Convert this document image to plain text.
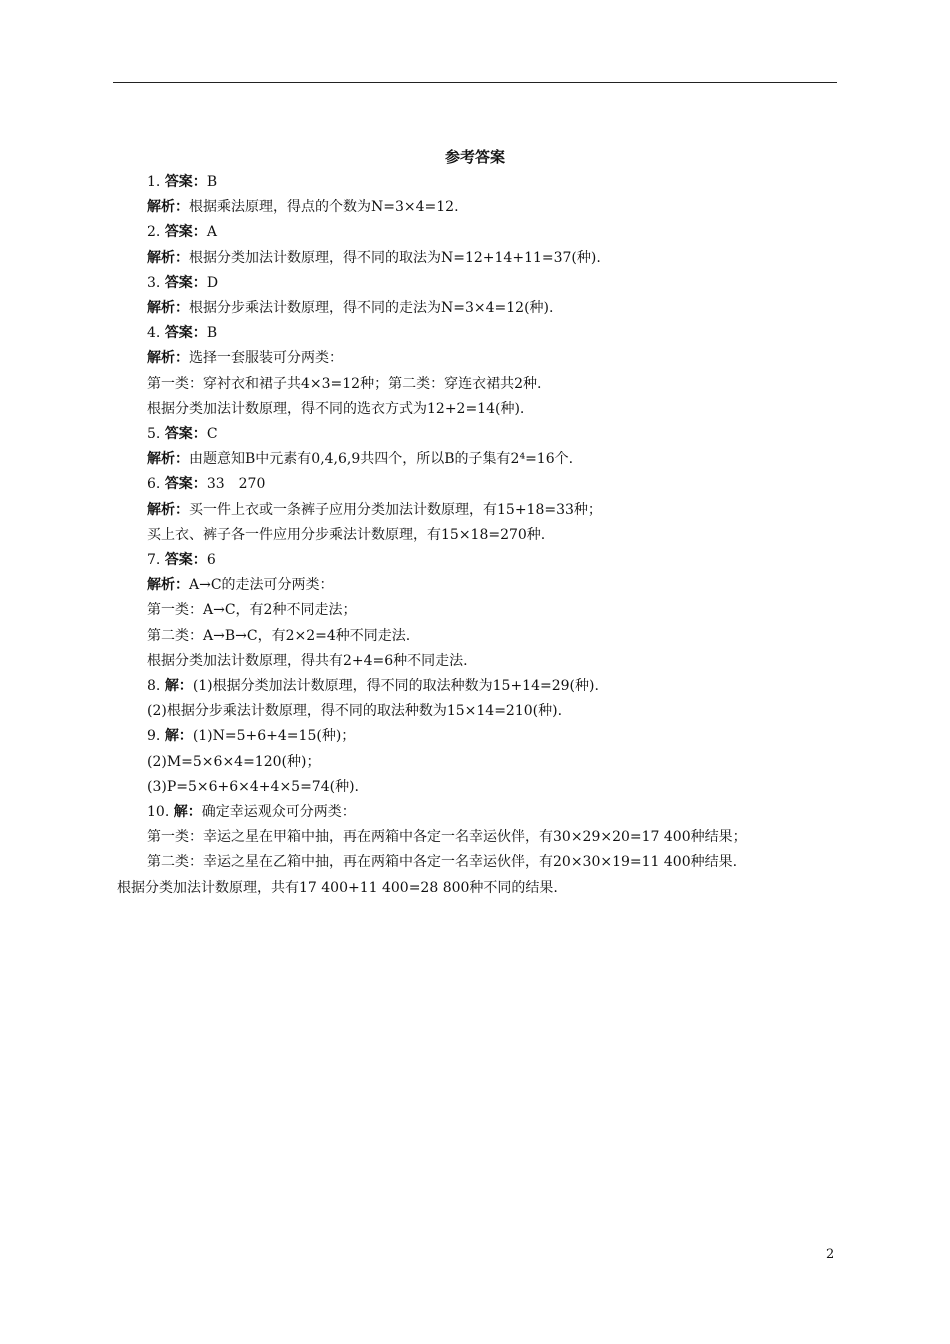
参考答案
1. 答案：B
解析：根据乘法原理，得点的个数为N=3×4=12.
2. 答案：A
解析：根据分类加法计数原理，得不同的取法为N=12+14+11=37(种).
3. 答案：D
解析：根据分步乘法计数原理，得不同的走法为N=3×4=12(种).
4. 答案：B
解析：选择一套服装可分两类：
第一类：穿衬衣和裙子共4×3=12种；第二类：穿连衣裙共2种.
根据分类加法计数原理，得不同的选衣方式为12+2=14(种).
5. 答案：C
解析：由题意知B中元素有0,4,6,9共四个，所以B的子集有2⁴=16个.
6. 答案：33　270
解析：买一件上衣或一条裤子应用分类加法计数原理，有15+18=33种；
买上衣、裤子各一件应用分步乘法计数原理，有15×18=270种.
7. 答案：6
解析：A→C的走法可分两类：
第一类：A→C，有2种不同走法；
第二类：A→B→C，有2×2=4种不同走法.
根据分类加法计数原理，得共有2+4=6种不同走法.
8. 解：(1)根据分类加法计数原理，得不同的取法种数为15+14=29(种).
(2)根据分步乘法计数原理，得不同的取法种数为15×14=210(种).
9. 解：(1)N=5+6+4=15(种)；
(2)M=5×6×4=120(种)；
(3)P=5×6+6×4+4×5=74(种).
10. 解：确定幸运观众可分两类：
第一类：幸运之星在甲箱中抽，再在两箱中各定一名幸运伙伴，有30×29×20=17 400种结果；
第二类：幸运之星在乙箱中抽，再在两箱中各定一名幸运伙伴，有20×30×19=11 400种结果.
根据分类加法计数原理，共有17 400+11 400=28 800种不同的结果.
2
